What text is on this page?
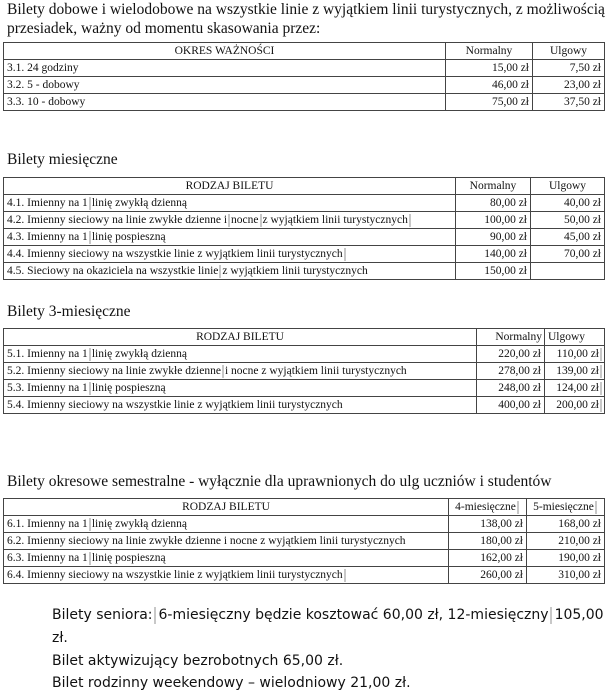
Bilety dobowe i wielodobowe na wszystkie linie z wyjątkiem linii turystycznych, z możliwością
przesiadek, ważny od momentu skasowania przez:
OKRES WAŻNOŚCI	Normalny	Ulgowy
3.1. 24 godziny	15,00 zł	7,50 zł
3.2. 5 - dobowy	46,00 zł	23,00 zł
3.3. 10 - dobowy	75,00 zł	37,50 zł
Bilety miesięczne
RODZAJ BILETU	Normalny	Ulgowy
4.1. Imienny na 1 linię zwykłą dzienną	80,00 zł	40,00 zł
4.2. Imienny sieciowy na linie zwykłe dzienne i nocne z wyjątkiem linii turystycznych	100,00 zł	50,00 zł
4.3. Imienny na 1 linię pospieszną	90,00 zł	45,00 zł
4.4. Imienny sieciowy na wszystkie linie z wyjątkiem linii turystycznych	140,00 zł	70,00 zł
4.5. Sieciowy na okaziciela na wszystkie linie z wyjątkiem linii turystycznych	150,00 zł	
Bilety 3-miesięczne
RODZAJ BILETU	Normalny	Ulgowy
5.1. Imienny na 1 linię zwykłą dzienną	220,00 zł	110,00 zł
5.2. Imienny sieciowy na linie zwykłe dzienne i nocne z wyjątkiem linii turystycznych	278,00 zł	139,00 zł
5.3. Imienny na 1 linię pospieszną	248,00 zł	124,00 zł
5.4. Imienny sieciowy na wszystkie linie z wyjątkiem linii turystycznych	400,00 zł	200,00 zł
Bilety okresowe semestralne - wyłącznie dla uprawnionych do ulg uczniów i studentów
RODZAJ BILETU	4-miesięczne	5-miesięczne
6.1. Imienny na 1 linię zwykłą dzienną	138,00 zł	168,00 zł
6.2. Imienny sieciowy na linie zwykłe dzienne i nocne z wyjątkiem linii turystycznych	180,00 zł	210,00 zł
6.3. Imienny na 1 linię pospieszną	162,00 zł	190,00 zł
6.4. Imienny sieciowy na wszystkie linie z wyjątkiem linii turystycznych	260,00 zł	310,00 zł
Bilety seniora: 6-miesięczny będzie kosztować 60,00 zł, 12-miesięczny 105,00
zł.
Bilet aktywizujący bezrobotnych 65,00 zł.
Bilet rodzinny weekendowy – wielodniowy 21,00 zł.
